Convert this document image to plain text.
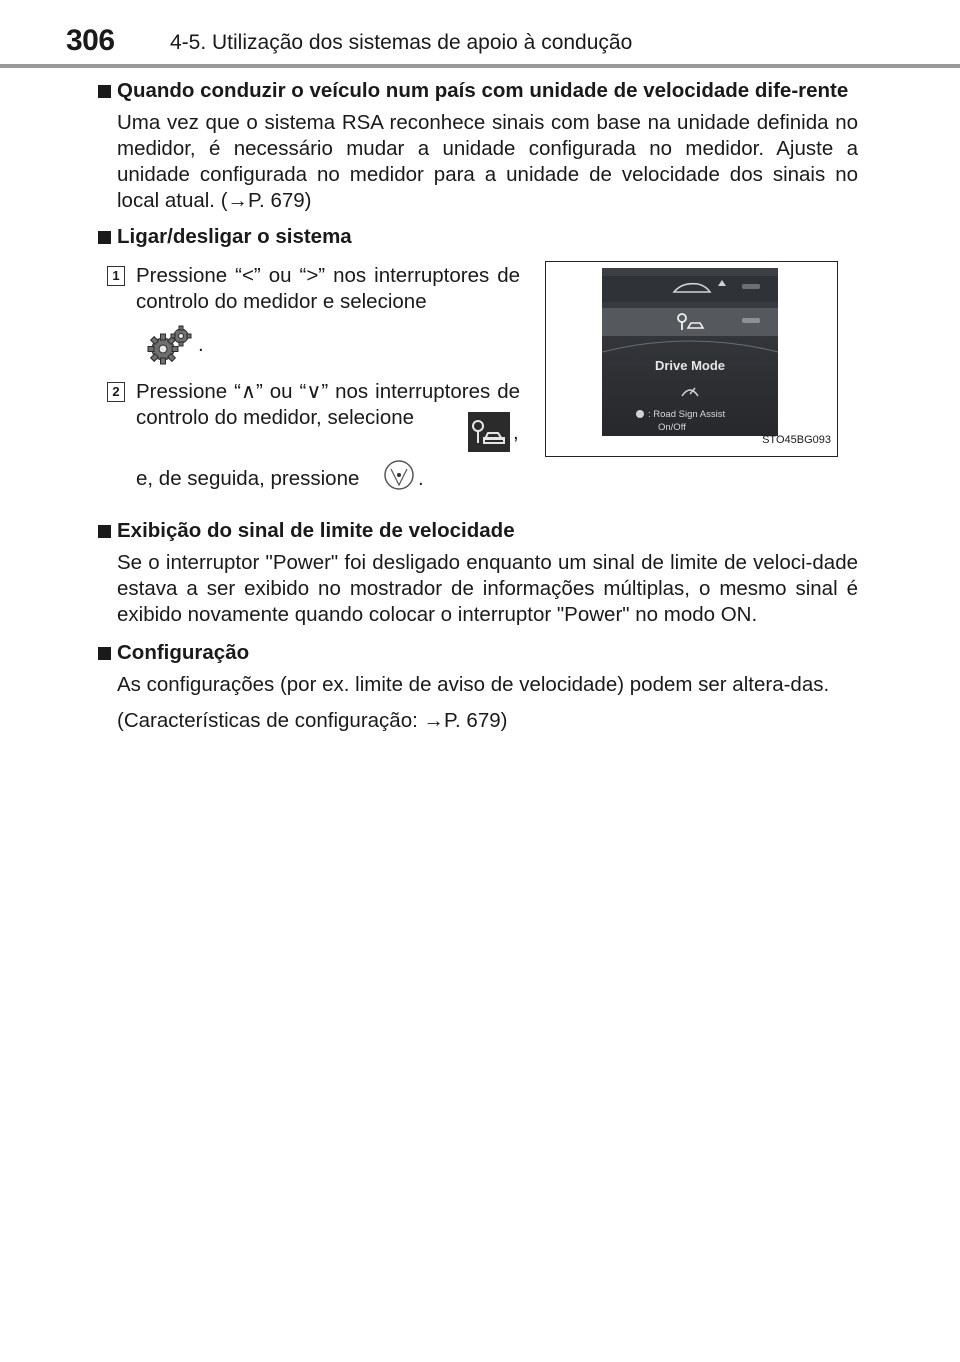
306	4-5. Utilização dos sistemas de apoio à condução
Quando conduzir o veículo num país com unidade de velocidade dife-rente
Uma vez que o sistema RSA reconhece sinais com base na unidade definida no medidor, é necessário mudar a unidade configurada no medidor. Ajuste a unidade configurada no medidor para a unidade de velocidade dos sinais no local atual. (→P. 679)
Ligar/desligar o sistema
1 Pressione “<” ou “>” nos interruptores de controlo do medidor e selecione
.
2 Pressione “∧” ou “∨” nos interruptores de controlo do medidor, selecione
,
e, de seguida, pressione	.
Drive Mode
: Road Sign Assist
On/Off
STO45BG093
Exibição do sinal de limite de velocidade
Se o interruptor "Power" foi desligado enquanto um sinal de limite de veloci-dade estava a ser exibido no mostrador de informações múltiplas, o mesmo sinal é exibido novamente quando colocar o interruptor "Power" no modo ON.
Configuração
As configurações (por ex. limite de aviso de velocidade) podem ser altera-das.
(Características de configuração: →P. 679)
